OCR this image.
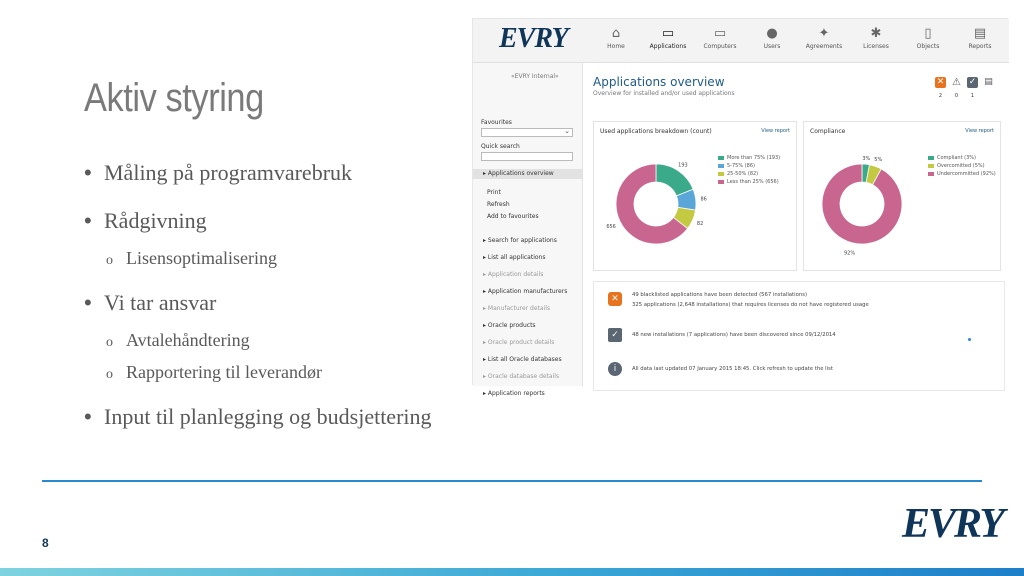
Aktiv styring
• Måling på programvarebruk
• Rådgivning
o Lisensoptimalisering
• Vi tar ansvar
o Avtalehåndtering
o Rapportering til leverandør
• Input til planlegging og budsjettering
EVRY	⌂
Home
▭
Applications
▭
Computers
●
Users
✦
Agreements
✱
Licenses
▯
Objects
▤
Reports
«EVRY Internal»
Favourites
⌄
Quick search
▸ Applications overview
Print
Refresh
Add to favourites
▸ Search for applications
▸ List all applications
▸ Application details
▸ Application manufacturers
▸ Manufacturer details
▸ Oracle products
▸ Oracle product details
▸ List all Oracle databases
▸ Oracle database details
▸ Application reports
Applications overview
Overview for installed and/or used applications
✕ ⚠ ✓ ▤
2	0	1
Used applications breakdown (count)	View report
193
86
82
656
More than 75% (193)
5-75% (86)
25-50% (82)
Less than 25% (656)
Compliance	View report
3% 5%
92%
Compliant (3%)
Overcomitted (5%)
Undercommitted (92%)
✕	49 blacklisted applications have been detected (567 installations)
325 applications (2,648 installations) that requires licenses do not have registered usage
✓	48 new installations (7 applications) have been discovered since 09/12/2014
i	All data last updated 07 January 2015 18:45. Click refresh to update the list
8	EVRY
